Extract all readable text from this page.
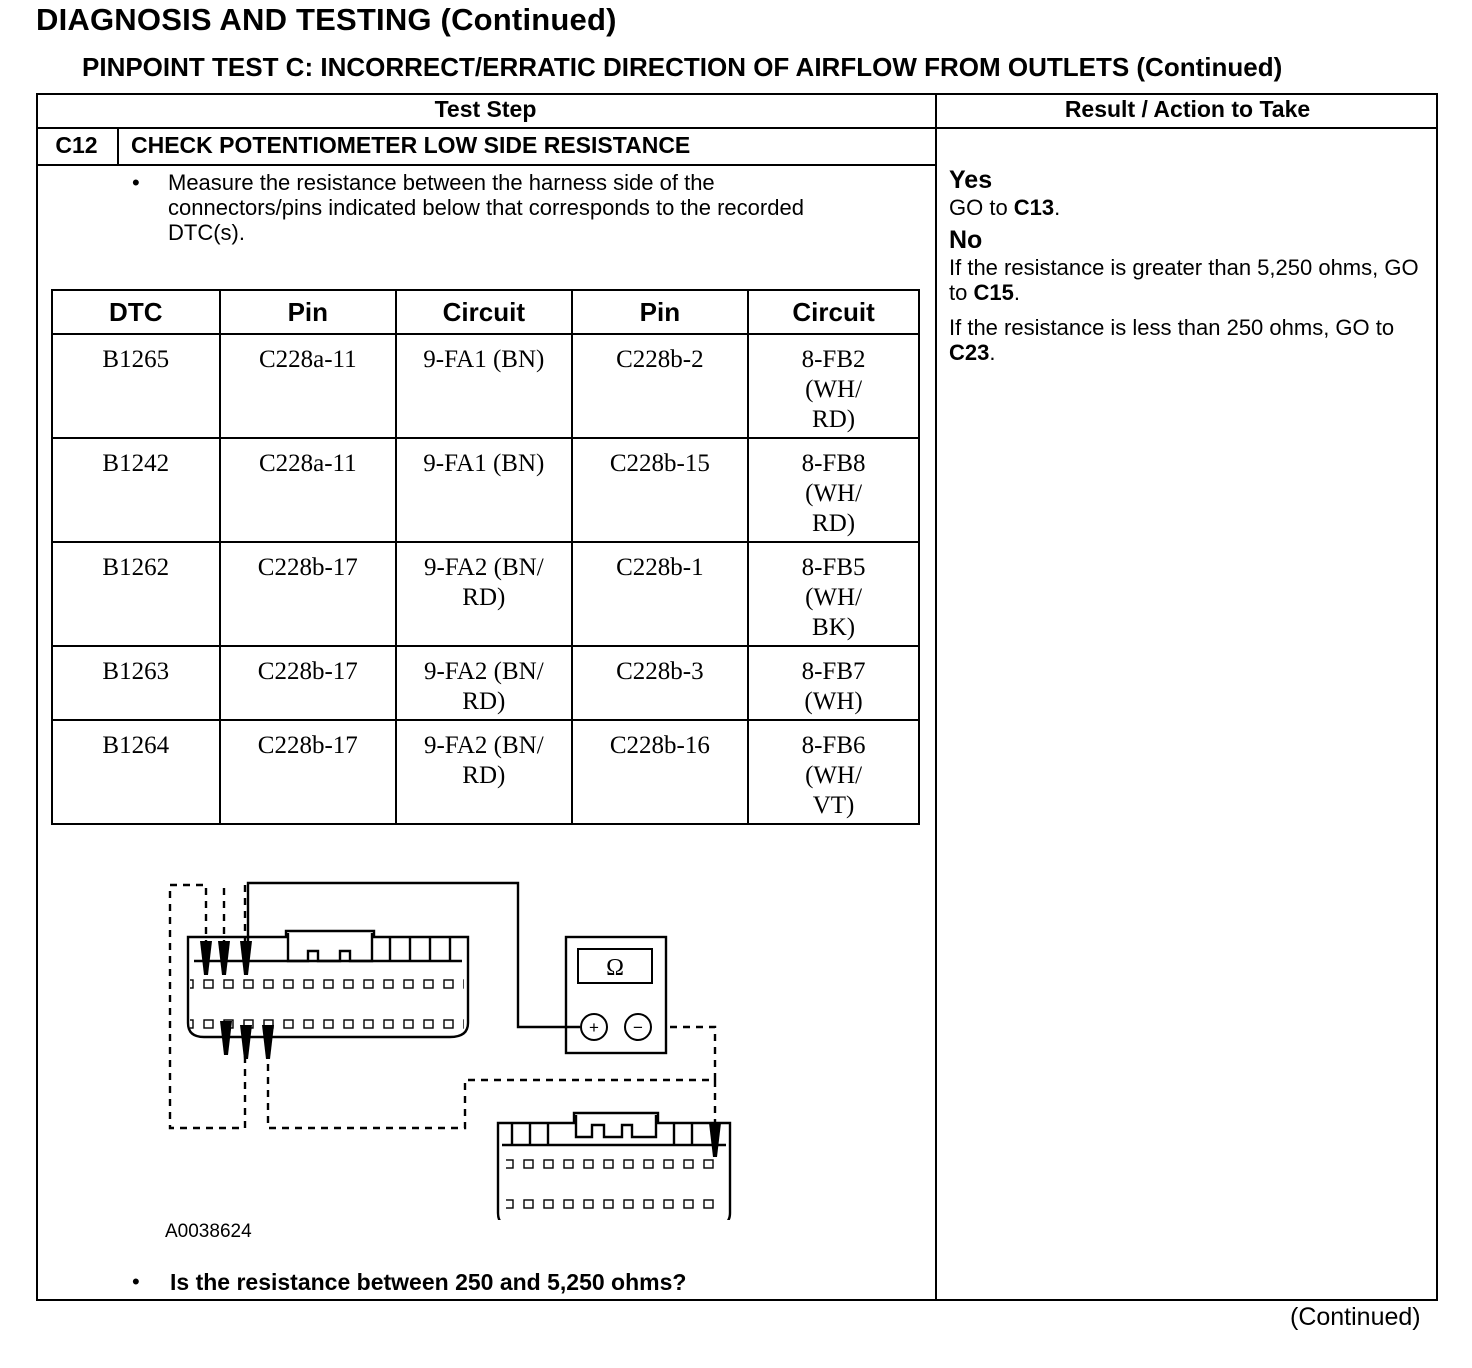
DIAGNOSIS AND TESTING (Continued)
PINPOINT TEST C: INCORRECT/ERRATIC DIRECTION OF AIRFLOW FROM OUTLETS (Continued)
Test Step	Result / Action to Take
C12	CHECK POTENTIOMETER LOW SIDE RESISTANCE
• Measure the resistance between the harness side of the connectors/pins indicated below that corresponds to the recorded DTC(s).
DTC	Pin	Circuit	Pin	Circuit
B1265	C228a-11	9-FA1 (BN)	C228b-2	8-FB2 (WH/ RD)
B1242	C228a-11	9-FA1 (BN)	C228b-15	8-FB8 (WH/ RD)
B1262	C228b-17	9-FA2 (BN/ RD)	C228b-1	8-FB5 (WH/ BK)
B1263	C228b-17	9-FA2 (BN/ RD)	C228b-3	8-FB7 (WH)
B1264	C228b-17	9-FA2 (BN/ RD)	C228b-16	8-FB6 (WH/ VT)
Ω
+ −
A0038624
• Is the resistance between 250 and 5,250 ohms?
Yes
GO to C13.
No
If the resistance is greater than 5,250 ohms, GO to C15.
If the resistance is less than 250 ohms, GO to C23.
(Continued)
